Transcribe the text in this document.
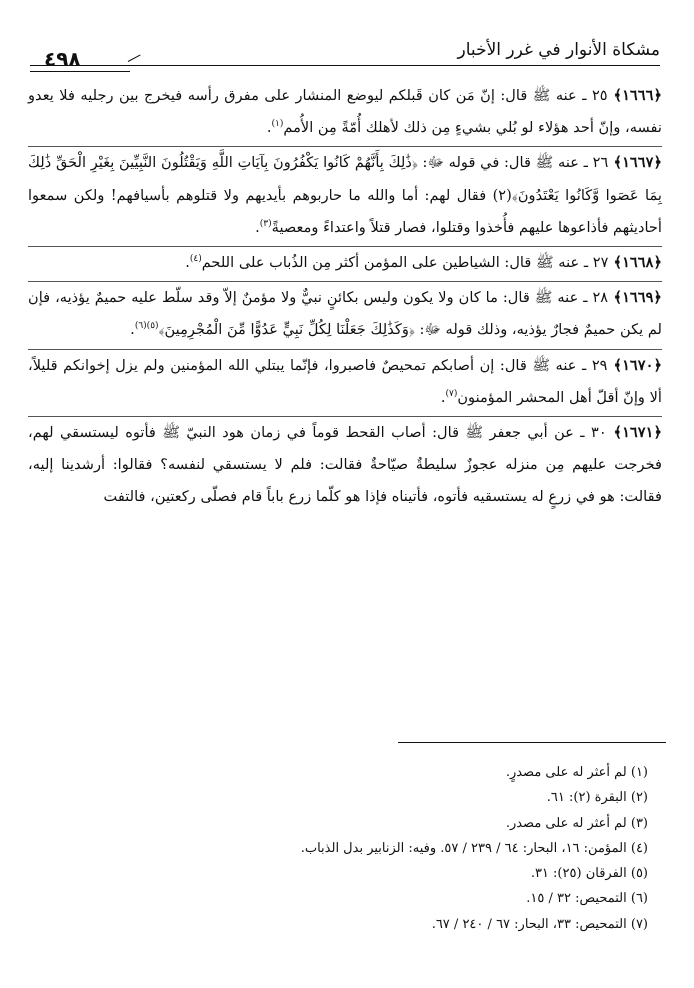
مشكاة الأنوار في غرر الأخبار
٤٩٨

﴿١٦٦٦﴾ ٢٥ ـ عنه ﷺ قال: إنّ مَن كان قَبلكم ليوضع المنشار على مفرق رأسه فيخرج بين رجليه فلا يعدو نفسه، وإنّ أحد هؤلاء لو بُلي بشيءٍ مِن ذلك لأهلك أُمّةً مِن الأُمم$^{(١)}$.

﴿١٦٦٧﴾ ٢٦ ـ عنه ﷺ قال: في قوله ﷻ: ﴿ذَٰلِكَ بِأَنَّهُمْ كَانُوا يَكْفُرُونَ بِآيَاتِ اللَّهِ وَيَقْتُلُونَ النَّبِيِّينَ بِغَيْرِ الْحَقِّ ذَٰلِكَ بِمَا عَصَوا وَّكَانُوا يَعْتَدُونَ﴾(٢) فقال لهم: أما والله ما حاربوهم بأيديهم ولا قتلوهم بأسيافهم! ولكن سمعوا أحاديثهم فأذاعوها عليهم فأُخذوا وقتلوا، فصار قتلاً واعتداءً ومعصيةً$^{(٣)}$.

﴿١٦٦٨﴾ ٢٧ ـ عنه ﷺ قال: الشياطين على المؤمن أكثر مِن الذُباب على اللحم$^{(٤)}$.

﴿١٦٦٩﴾ ٢٨ ـ عنه ﷺ قال: ما كان ولا يكون وليس بكائنٍ نبيٌّ ولا مؤمنٌ إلاّ وقد سلّط عليه حميمٌ يؤذيه، فإن لم يكن حميمٌ فجارٌ يؤذيه، وذلك قوله ﷻ: ﴿وَكَذَٰلِكَ جَعَلْنَا لِكُلِّ نَبِيٍّ عَدُوًّا مِّنَ الْمُجْرِمِينَ﴾$^{(٥)(٦)}$.

﴿١٦٧٠﴾ ٢٩ ـ عنه ﷺ قال: إن أصابكم تمحيصٌ فاصبروا، فإنّما يبتلي الله المؤمنين ولم يزل إخوانكم قليلاً، ألا وإنّ أقلّ أهل المحشر المؤمنون$^{(٧)}$.

﴿١٦٧١﴾ ٣٠ ـ عن أبي جعفر ﷺ قال: أصاب القحط قوماً في زمان هود النبيّ ﷺ فأتوه ليستسقي لهم، فخرجت عليهم مِن منزله عجوزٌ سليطةٌ صيّاحةٌ فقالت: فلم لا يستسقي لنفسه؟ فقالوا: أرشدينا إليه، فقالت: هو في زرعٍ له يستسقيه فأتوه، فأتيناه فإذا هو كلّما زرع باباً قام فصلّى ركعتين، فالتفت

(١) لم أعثر له على مصدرٍ.

(٢) البقرة (٢): ٦١.

(٣) لم أعثر له على مصدر.

(٤) المؤمن: ١٦، البحار: ٦٤ / ٢٣٩ / ٥٧. وفيه: الزنابير بدل الذباب.

(٥) الفرقان (٢٥): ٣١.

(٦) التمحيص: ٣٢ / ١٥.

(٧) التمحيص: ٣٣، البحار: ٦٧ / ٢٤٠ / ٦٧.
